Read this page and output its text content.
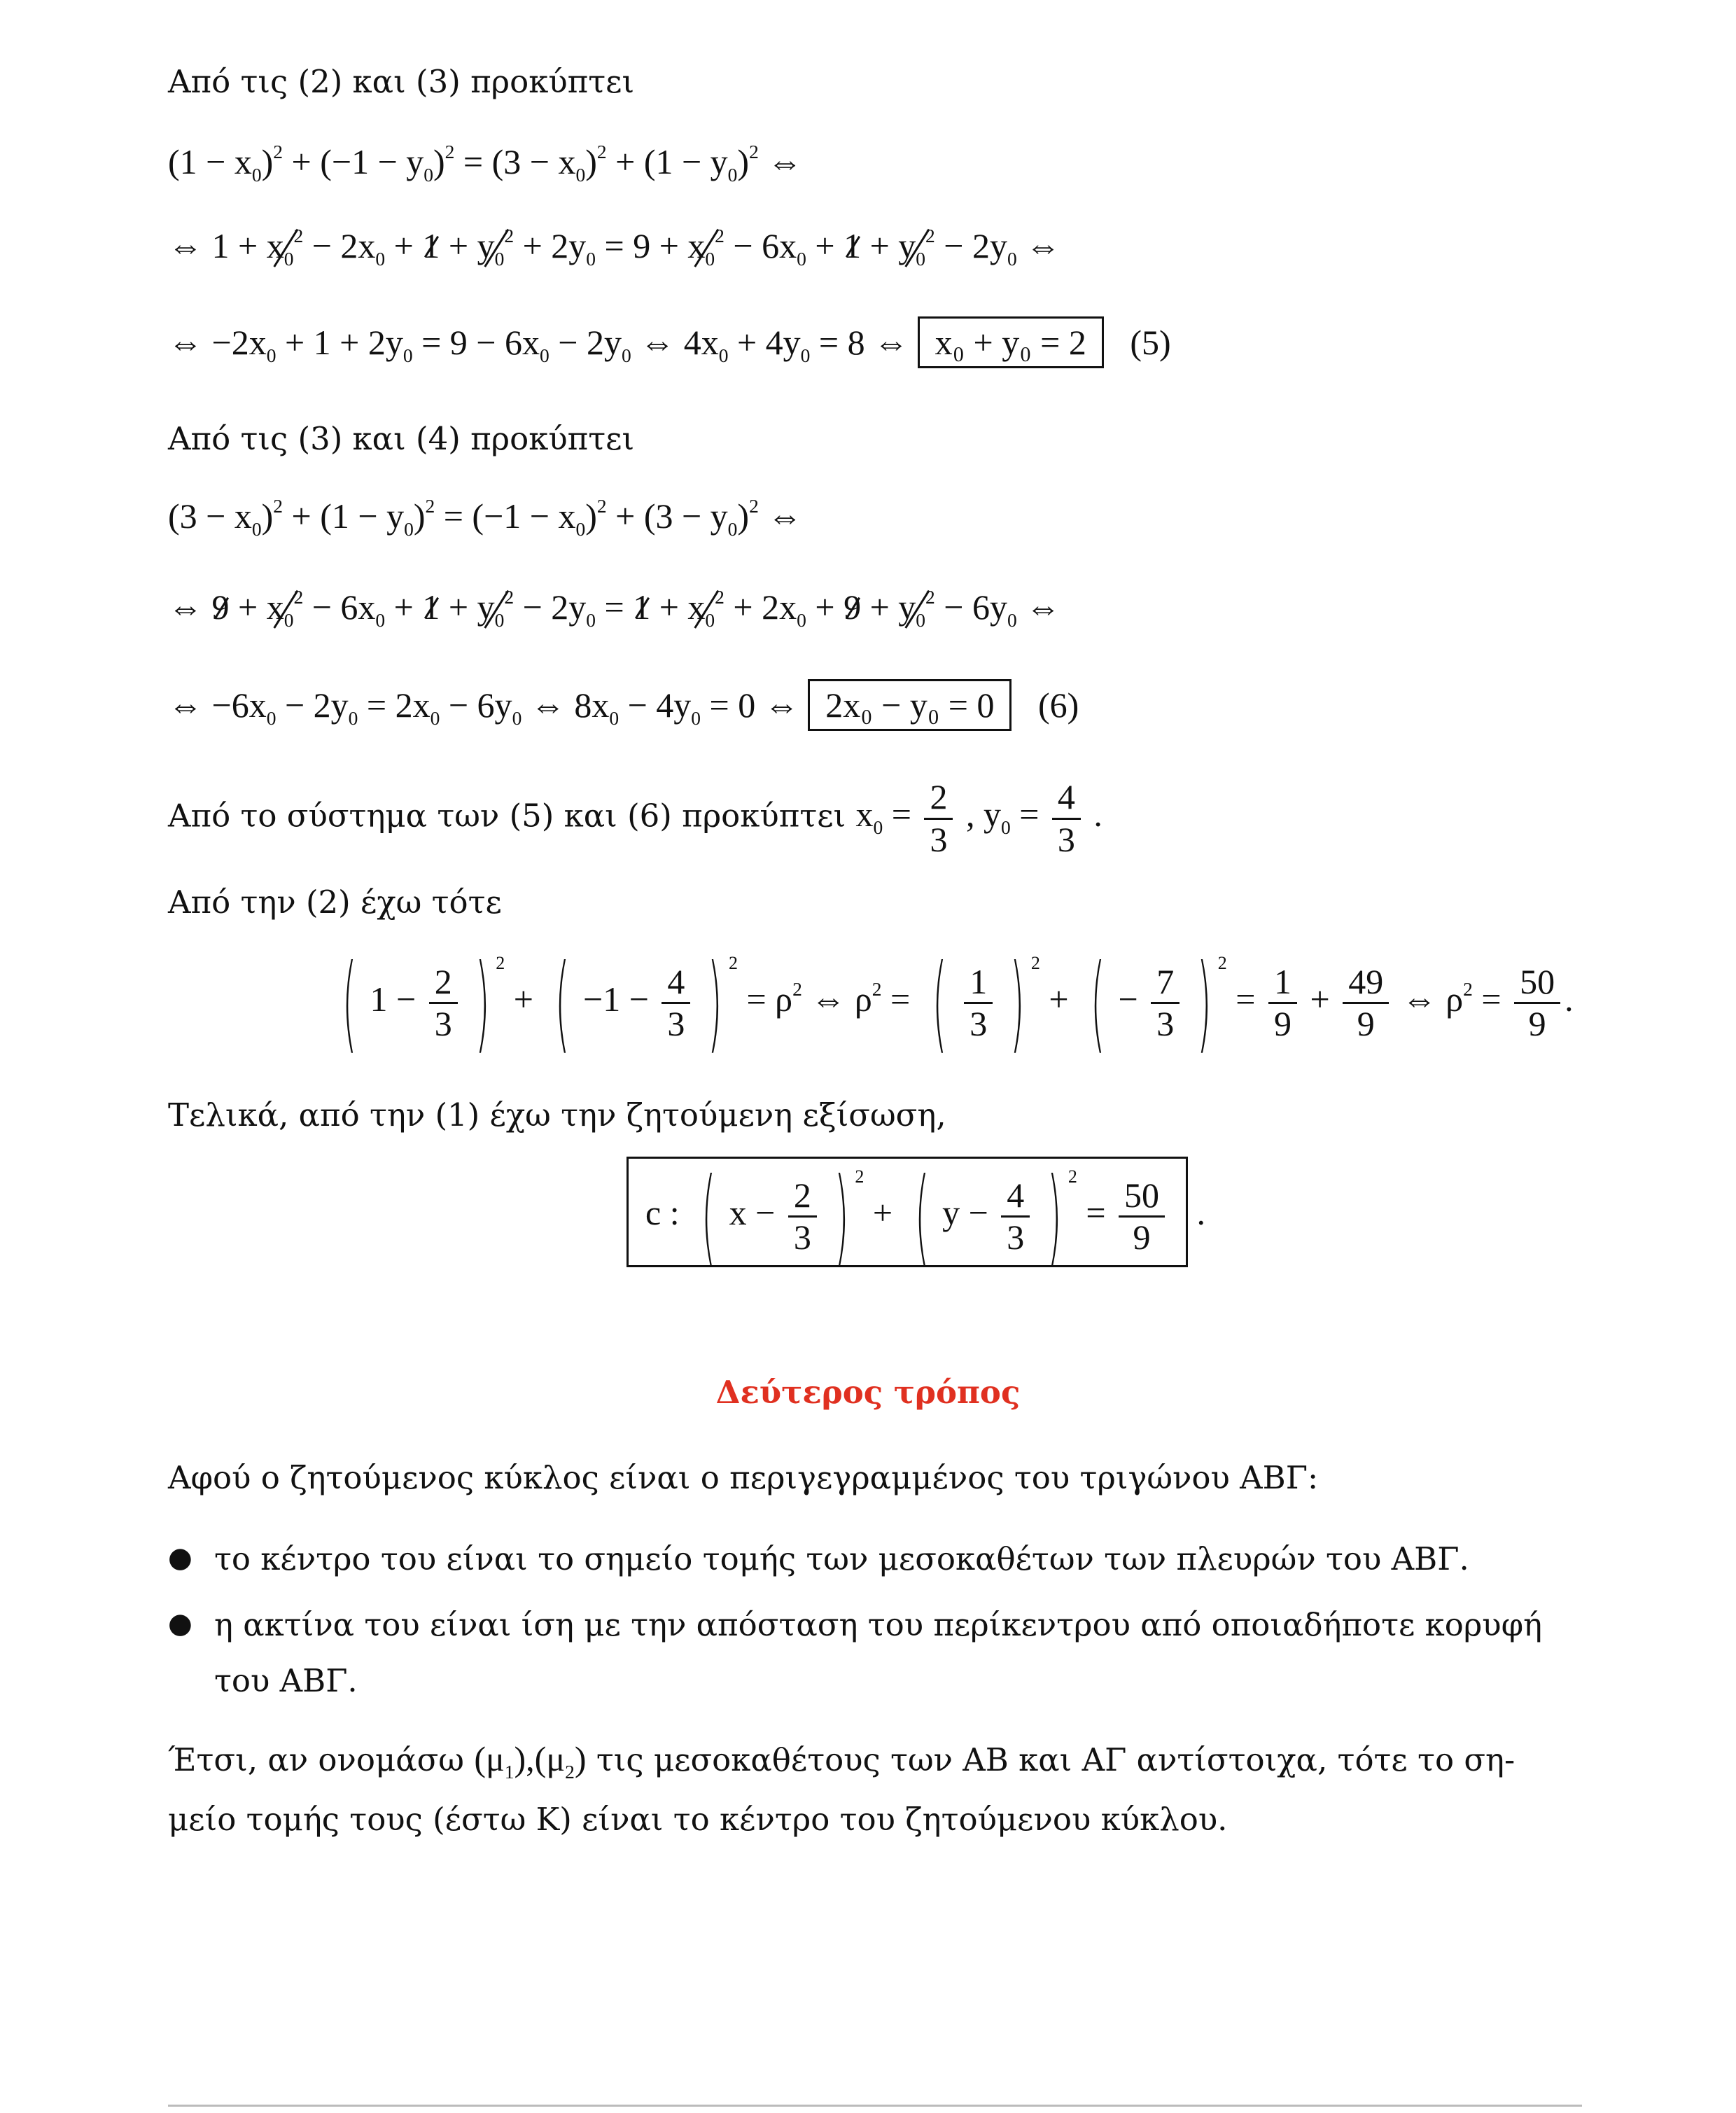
Από τις (2) και (3) προκύπτει
$(1 - x_0)^2 + (-1 - y_0)^2 = (3 - x_0)^2 + (1 - y_0)^2$ ⇔
⇔ $1 + x_0^2 - 2x_0 + 1 + y_0^2 + 2y_0 = 9 + x_0^2 - 6x_0 + 1 + y_0^2 - 2y_0$ ⇔
⇔ $-2x_0 + 1 + 2y_0 = 9 - 6x_0 - 2y_0$ ⇔ $4x_0 + 4y_0 = 8$ ⇔ x₀ + y₀ = 2 (5)
Από τις (3) και (4) προκύπτει
$(3 - x_0)^2 + (1 - y_0)^2 = (-1 - x_0)^2 + (3 - y_0)^2$ ⇔
⇔ $9 + x_0^2 - 6x_0 + 1 + y_0^2 - 2y_0 = 1 + x_0^2 + 2x_0 + 9 + y_0^2 - 6y_0$ ⇔
⇔ $-6x_0 - 2y_0 = 2x_0 - 6y_0$ ⇔ $8x_0 - 4y_0 = 0$ ⇔ 2x₀ − y₀ = 0 (6)
Από το σύστημα των (5) και (6) προκύπτει $x_0 = \frac{2}{3}$ , $y_0 = \frac{4}{3}$ .
Από την (2) έχω τότε
( $1 - \frac{2}{3}$ ) $^2$ + ( $-1 - \frac{4}{3}$ ) $^2 = \rho^2$ ⇔ $\rho^2$ = ( $\frac{1}{3}$ ) $^2$ + ( − $\frac{7}{3}$ ) $^2 = \frac{1}{9} + \frac{49}{9}$ ⇔ $\rho^2 = \frac{50}{9}$ .
Τελικά, από την (1) έχω την ζητούμενη εξίσωση,
c : ( $x - \frac{2}{3}$ ) $^2$ + ( $y - \frac{4}{3}$ ) $^2 = \frac{50}{9}$ .
Δεύτερος τρόπος
Αφού ο ζητούμενος κύκλος είναι ο περιγεγραμμένος του τριγώνου ΑΒΓ:
● το κέντρο του είναι το σημείο τομής των μεσοκαθέτων των πλευρών του ΑΒΓ.
● η ακτίνα του είναι ίση με την απόσταση του περίκεντρου από οποιαδήποτε κορυφή
του ΑΒΓ.
Έτσι, αν ονομάσω $(\mu_1),(\mu_2)$ τις μεσοκαθέτους των ΑΒ και ΑΓ αντίστοιχα, τότε το ση-
μείο τομής τους (έστω Κ) είναι το κέντρο του ζητούμενου κύκλου.
